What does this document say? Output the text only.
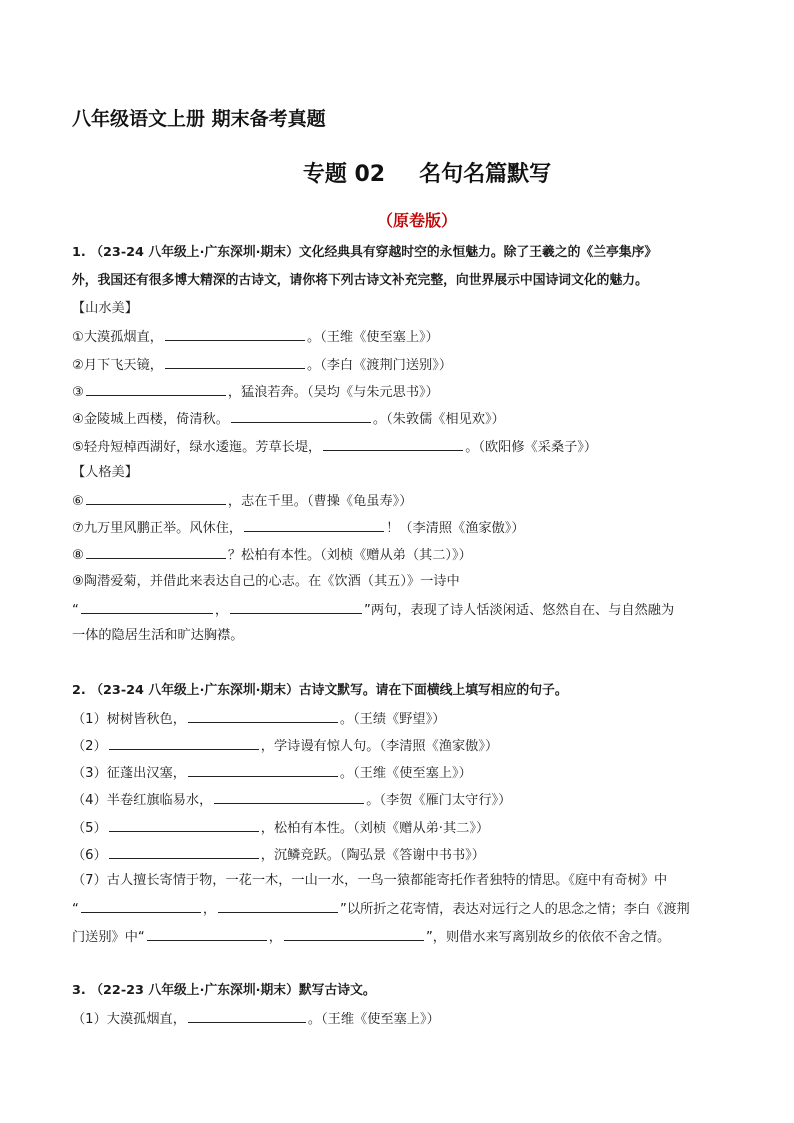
八年级语文上册 期末备考真题
专题 02 名句名篇默写
（原卷版）
1. （23-24 八年级上·广东深圳·期末）文化经典具有穿越时空的永恒魅力。除了王羲之的《兰亭集序》
外，我国还有很多博大精深的古诗文，请你将下列古诗文补充完整，向世界展示中国诗词文化的魅力。
【山水美】
①大漠孤烟直，	。（王维《使至塞上》）
②月下飞天镜，	。（李白《渡荆门送别》）
③	，猛浪若奔。（吴均《与朱元思书》）
④金陵城上西楼，倚清秋。	。（朱敦儒《相见欢》）
⑤轻舟短棹西湖好，绿水逶迤。芳草长堤，	。（欧阳修《采桑子》）
【人格美】
⑥	，志在千里。（曹操《龟虽寿》）
⑦九万里风鹏正举。风休住，	！（李清照《渔家傲》）
⑧	？松柏有本性。（刘桢《赠从弟（其二）》）
⑨陶潜爱菊，并借此来表达自己的心志。在《饮酒（其五）》一诗中
“	，	”两句，表现了诗人恬淡闲适、悠然自在、与自然融为
一体的隐居生活和旷达胸襟。
2. （23-24 八年级上·广东深圳·期末）古诗文默写。请在下面横线上填写相应的句子。
（1）树树皆秋色，	。（王绩《野望》）
（2）	，学诗谩有惊人句。（李清照《渔家傲》）
（3）征蓬出汉塞，	。（王维《使至塞上》）
（4）半卷红旗临易水，	。（李贺《雁门太守行》）
（5）	，松柏有本性。（刘桢《赠从弟·其二》）
（6）	，沉鳞竞跃。（陶弘景《答谢中书书》）
（7）古人擅长寄情于物，一花一木，一山一水，一鸟一猿都能寄托作者独特的情思。《庭中有奇树》中
“	，	”以所折之花寄情，表达对远行之人的思念之情；李白《渡荆
门送别》中“	，	”，则借水来写离别故乡的依依不舍之情。
3. （22-23 八年级上·广东深圳·期末）默写古诗文。
（1）大漠孤烟直，	。（王维《使至塞上》）
